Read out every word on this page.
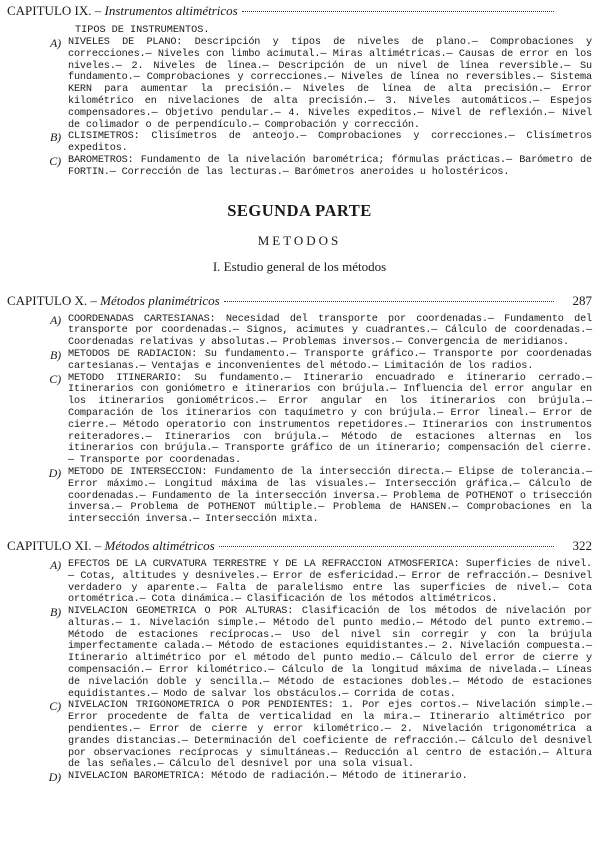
CAPITULO IX. – Instrumentos altimétricos
TIPOS DE INSTRUMENTOS.
A) NIVELES DE PLANO: Descripción y tipos de niveles de plano.— Comprobaciones y correcciones.— Niveles con limbo acimutal.— Miras altimétricas.— Causas de error en los niveles.— 2. Niveles de línea.— Descripción de un nivel de línea reversible.— Su fundamento.— Comprobaciones y correcciones.— Niveles de línea no reversibles.— Sistema KERN para aumentar la precisión.— Niveles de línea de alta precisión.— Error kilométrico en nivelaciones de alta precisión.— 3. Niveles automáticos.— Espejos compensadores.— Objetivo pendular.— 4. Niveles expeditos.— Nivel de reflexión.— Nivel de colimador o de perpendículo.— Comprobación y corrección.
B) CLISIMETROS: Clisímetros de anteojo.— Comprobaciones y correcciones.— Clisímetros expeditos.
C) BAROMETROS: Fundamento de la nivelación barométrica; fórmulas prácticas.— Barómetro de FORTIN.— Corrección de las lecturas.— Barómetros aneroides u holostéricos.
SEGUNDA PARTE
METODOS
I. Estudio general de los métodos
CAPITULO X. – Métodos planimétricos	287
A) COORDENADAS CARTESIANAS: Necesidad del transporte por coordenadas.— Fundamento del transporte por coordenadas.— Signos, acimutes y cuadrantes.— Cálculo de coordenadas.— Coordenadas relativas y absolutas.— Problemas inversos.— Convergencia de meridianos.
B) METODOS DE RADIACION: Su fundamento.— Transporte gráfico.— Transporte por coordenadas cartesianas.— Ventajas e inconvenientes del método.— Limitación de los radios.
C) METODO ITINERARIO: Su fundamento.— Itinerario encuadrado e itinerario cerrado.— Itinerarios con goniómetro e itinerarios con brújula.— Influencia del error angular en los itinerarios goniométricos.— Error angular en los itinerarios con brújula.— Comparación de los itinerarios con taquímetro y con brújula.— Error lineal.— Error de cierre.— Método operatorio con instrumentos repetidores.— Itinerarios con instrumentos reiteradores.— Itinerarios con brújula.— Método de estaciones alternas en los itinerarios con brújula.— Transporte gráfico de un itinerario; compensación del cierre.— Transporte por coordenadas.
D) METODO DE INTERSECCION: Fundamento de la intersección directa.— Elipse de tolerancia.— Error máximo.— Longitud máxima de las visuales.— Intersección gráfica.— Cálculo de coordenadas.— Fundamento de la intersección inversa.— Problema de POTHENOT o trisección inversa.— Problema de POTHENOT múltiple.— Problema de HANSEN.— Comprobaciones en la intersección inversa.— Intersección mixta.
CAPITULO XI. – Métodos altimétricos	322
A) EFECTOS DE LA CURVATURA TERRESTRE Y DE LA REFRACCION ATMOSFERICA: Superficies de nivel.— Cotas, altitudes y desniveles.— Error de esfericidad.— Error de refracción.— Desnivel verdadero y aparente.— Falta de paralelismo entre las superficies de nivel.— Cota ortométrica.— Cota dinámica.— Clasificación de los métodos altimétricos.
B) NIVELACION GEOMETRICA O POR ALTURAS: Clasificación de los métodos de nivelación por alturas.— 1. Nivelación simple.— Método del punto medio.— Método del punto extremo.— Método de estaciones recíprocas.— Uso del nivel sin corregir y con la brújula imperfectamente calada.— Método de estaciones equidistantes.— 2. Nivelación compuesta.— Itinerario altimétrico por el método del punto medio.— Cálculo del error de cierre y compensación.— Error kilométrico.— Cálculo de la longitud máxima de nivelada.— Líneas de nivelación doble y sencilla.— Método de estaciones dobles.— Método de estaciones equidistantes.— Modo de salvar los obstáculos.— Corrida de cotas.
C) NIVELACION TRIGONOMETRICA O POR PENDIENTES: 1. Por ejes cortos.— Nivelación simple.— Error procedente de falta de verticalidad en la mira.— Itinerario altimétrico por pendientes.— Error de cierre y error kilométrico.— 2. Nivelación trigonométrica a grandes distancias.— Determinación del coeficiente de refracción.— Cálculo del desnivel por observaciones recíprocas y simultáneas.— Reducción al centro de estación.— Altura de las señales.— Cálculo del desnivel por una sola visual.
D) NIVELACION BAROMETRICA: Método de radiación.— Método de itinerario.
